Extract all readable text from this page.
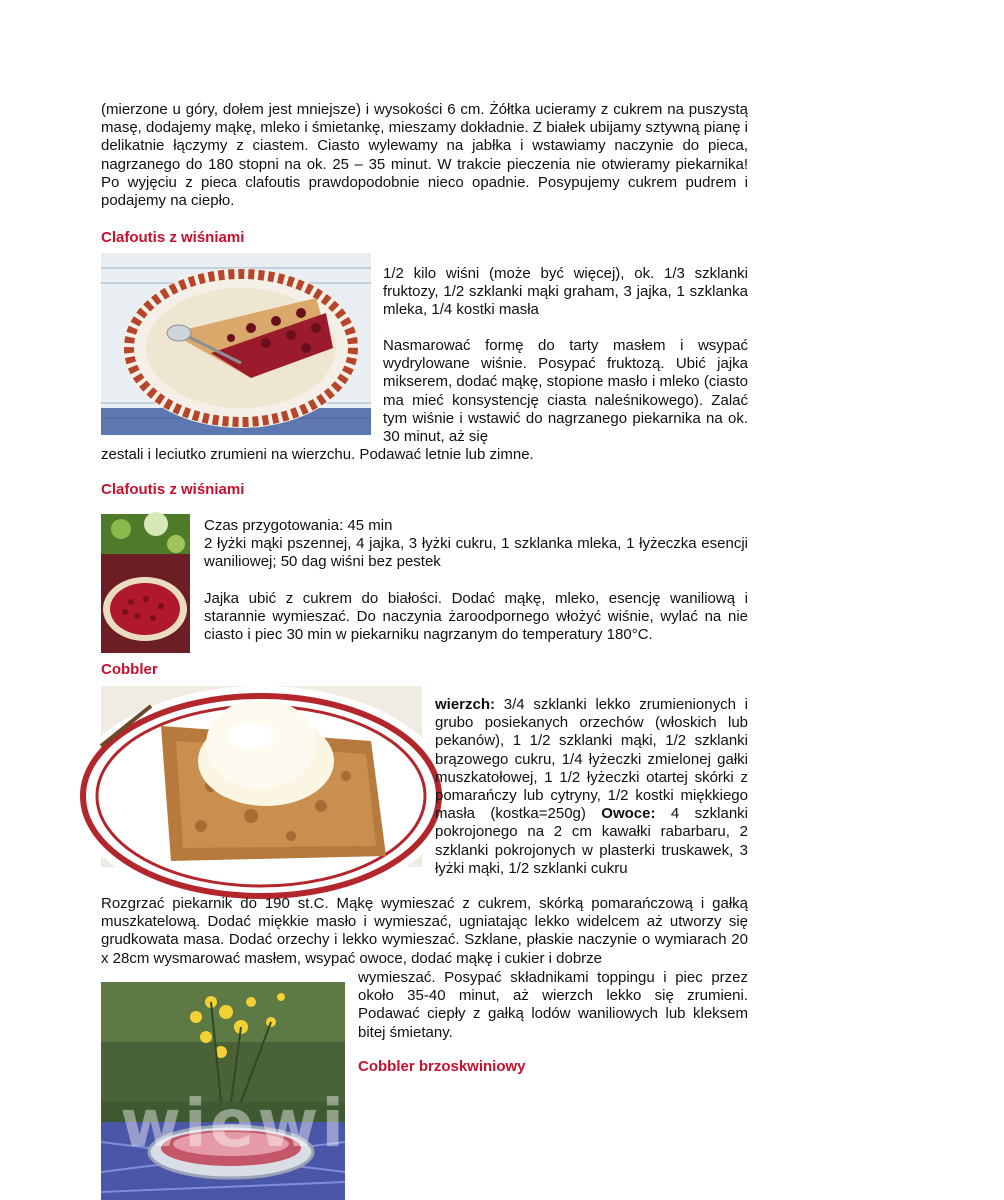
(mierzone u góry, dołem jest mniejsze) i wysokości 6 cm. Żółtka ucieramy z cukrem na puszystą masę, dodajemy mąkę, mleko i śmietankę, mieszamy dokładnie. Z białek ubijamy sztywną pianę i delikatnie łączymy z ciastem. Ciasto wylewamy na jabłka i wstawiamy naczynie do pieca, nagrzanego do 180 stopni na ok. 25 – 35 minut. W trakcie pieczenia nie otwieramy piekarnika! Po wyjęciu z pieca clafoutis prawdopodobnie nieco opadnie. Posypujemy cukrem pudrem i podajemy na ciepło.

Clafoutis z wiśniami

1/2 kilo wiśni (może być więcej), ok. 1/3 szklanki fruktozy, 1/2 szklanki mąki graham, 3 jajka, 1 szklanka mleka, 1/4 kostki masła

Nasmarować formę do tarty masłem i wsypać wydrylowane wiśnie. Posypać fruktozą. Ubić jajka mikserem, dodać mąkę, stopione masło i mleko (ciasto ma mieć konsystencję ciasta naleśnikowego). Zalać tym wiśnie i wstawić do nagrzanego piekarnika na ok. 30 minut, aż się

zestali i leciutko zrumieni na wierzchu. Podawać letnie lub zimne.

Clafoutis z wiśniami

Czas przygotowania: 45 min

2 łyżki mąki pszennej, 4 jajka, 3 łyżki cukru, 1 szklanka mleka, 1 łyżeczka esencji waniliowej; 50 dag wiśni bez pestek

Jajka ubić z cukrem do białości. Dodać mąkę, mleko, esencję waniliową i starannie wymieszać. Do naczynia żaroodpornego włożyć wiśnie, wylać na nie ciasto i piec 30 min w piekarniku nagrzanym do temperatury 180°C.

Cobbler

wierzch: 3/4 szklanki lekko zrumienionych i grubo posiekanych orzechów (włoskich lub pekanów), 1 1/2 szklanki mąki, 1/2 szklanki brązowego cukru, 1/4 łyżeczki zmielonej gałki muszkatołowej, 1 1/2 łyżeczki otartej skórki z pomarańczy lub cytryny, 1/2 kostki miękkiego masła (kostka=250g) Owoce: 4 szklanki pokrojonego na 2 cm kawałki rabarbaru, 2 szklanki pokrojonych w plasterki truskawek, 3 łyżki mąki, 1/2 szklanki cukru

Rozgrzać piekarnik do 190 st.C. Mąkę wymieszać z cukrem, skórką pomarańczową i gałką muszkatelową. Dodać miękkie masło i wymieszać, ugniatając lekko widelcem aż utworzy się grudkowata masa. Dodać orzechy i lekko wymieszać. Szklane, płaskie naczynie o wymiarach 20 x 28cm wysmarować masłem, wsypać owoce, dodać mąkę i cukier i dobrze

wymieszać. Posypać składnikami toppingu i piec przez około 35-40 minut, aż wierzch lekko się zrumieni. Podawać ciepły z gałką lodów waniliowych lub kleksem bitej śmietany.

Cobbler brzoskwiniowy
wiewiórkaydomowe.pl
